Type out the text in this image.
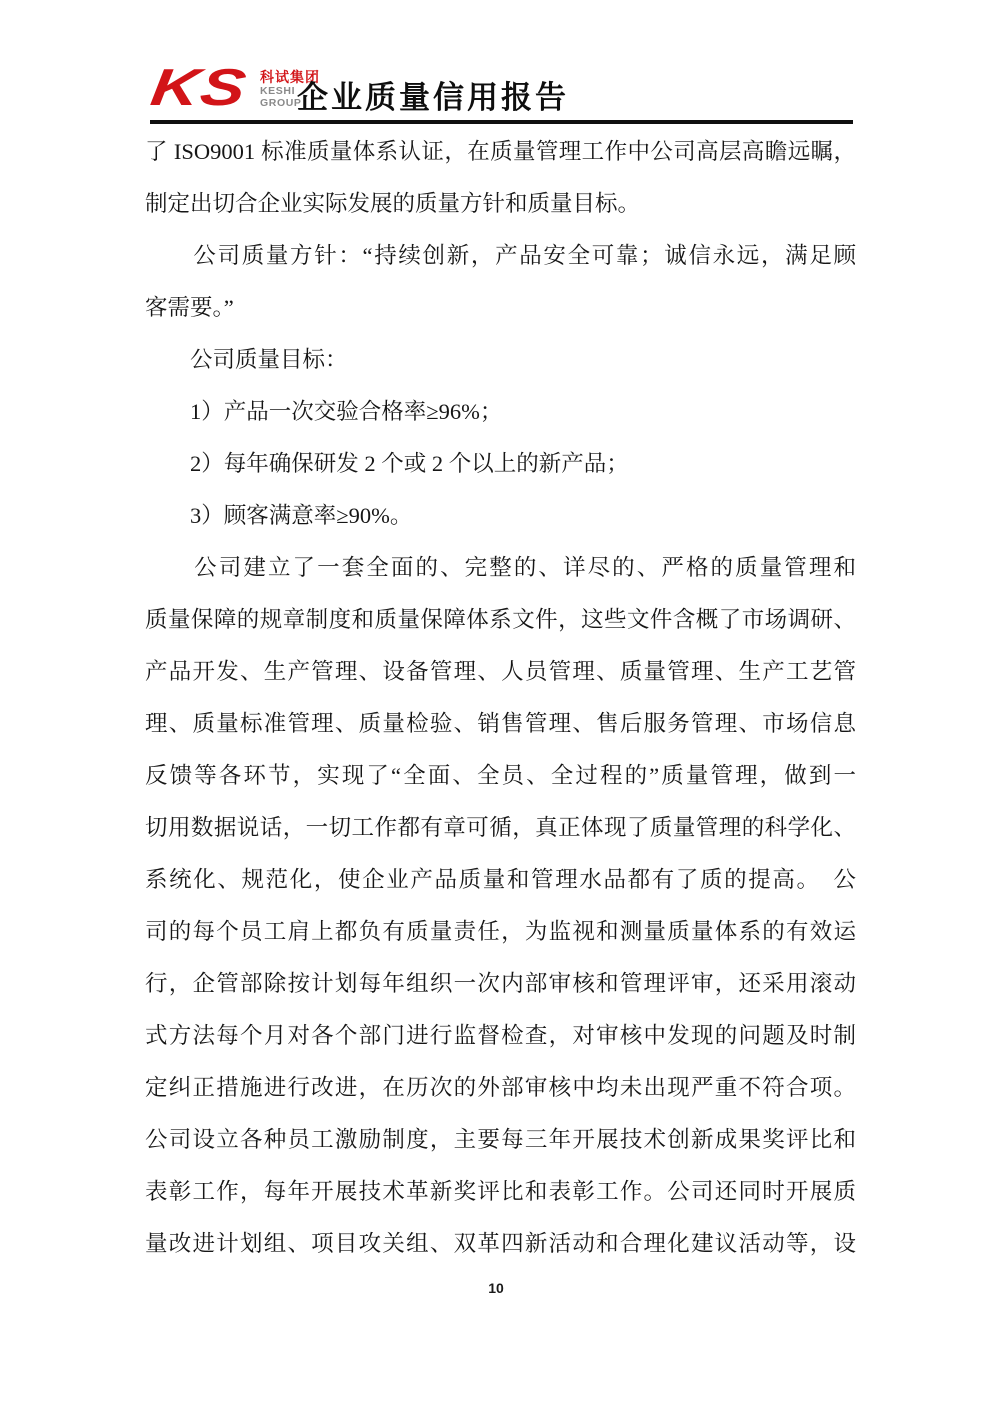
KS 科试集团
KESHI
GROUP
企业质量信用报告
了 ISO9001 标准质量体系认证，在质量管理工作中公司高层高瞻远瞩，
制定出切合企业实际发展的质量方针和质量目标。
　　公司质量方针：“持续创新，产品安全可靠；诚信永远，满足顾
客需要。”
　　公司质量目标：
　　1）产品一次交验合格率≥96%；
　　2）每年确保研发 2 个或 2 个以上的新产品；
　　3）顾客满意率≥90%。
　　公司建立了一套全面的、完整的、详尽的、严格的质量管理和
质量保障的规章制度和质量保障体系文件，这些文件含概了市场调研、
产品开发、生产管理、设备管理、人员管理、质量管理、生产工艺管
理、质量标准管理、质量检验、销售管理、售后服务管理、市场信息
反馈等各环节，实现了“全面、全员、全过程的”质量管理，做到一
切用数据说话，一切工作都有章可循，真正体现了质量管理的科学化、
系统化、规范化，使企业产品质量和管理水品都有了质的提高。　公
司的每个员工肩上都负有质量责任，为监视和测量质量体系的有效运
行，企管部除按计划每年组织一次内部审核和管理评审，还采用滚动
式方法每个月对各个部门进行监督检查，对审核中发现的问题及时制
定纠正措施进行改进，在历次的外部审核中均未出现严重不符合项。
公司设立各种员工激励制度，主要每三年开展技术创新成果奖评比和
表彰工作，每年开展技术革新奖评比和表彰工作。公司还同时开展质
量改进计划组、项目攻关组、双革四新活动和合理化建议活动等，设
10
